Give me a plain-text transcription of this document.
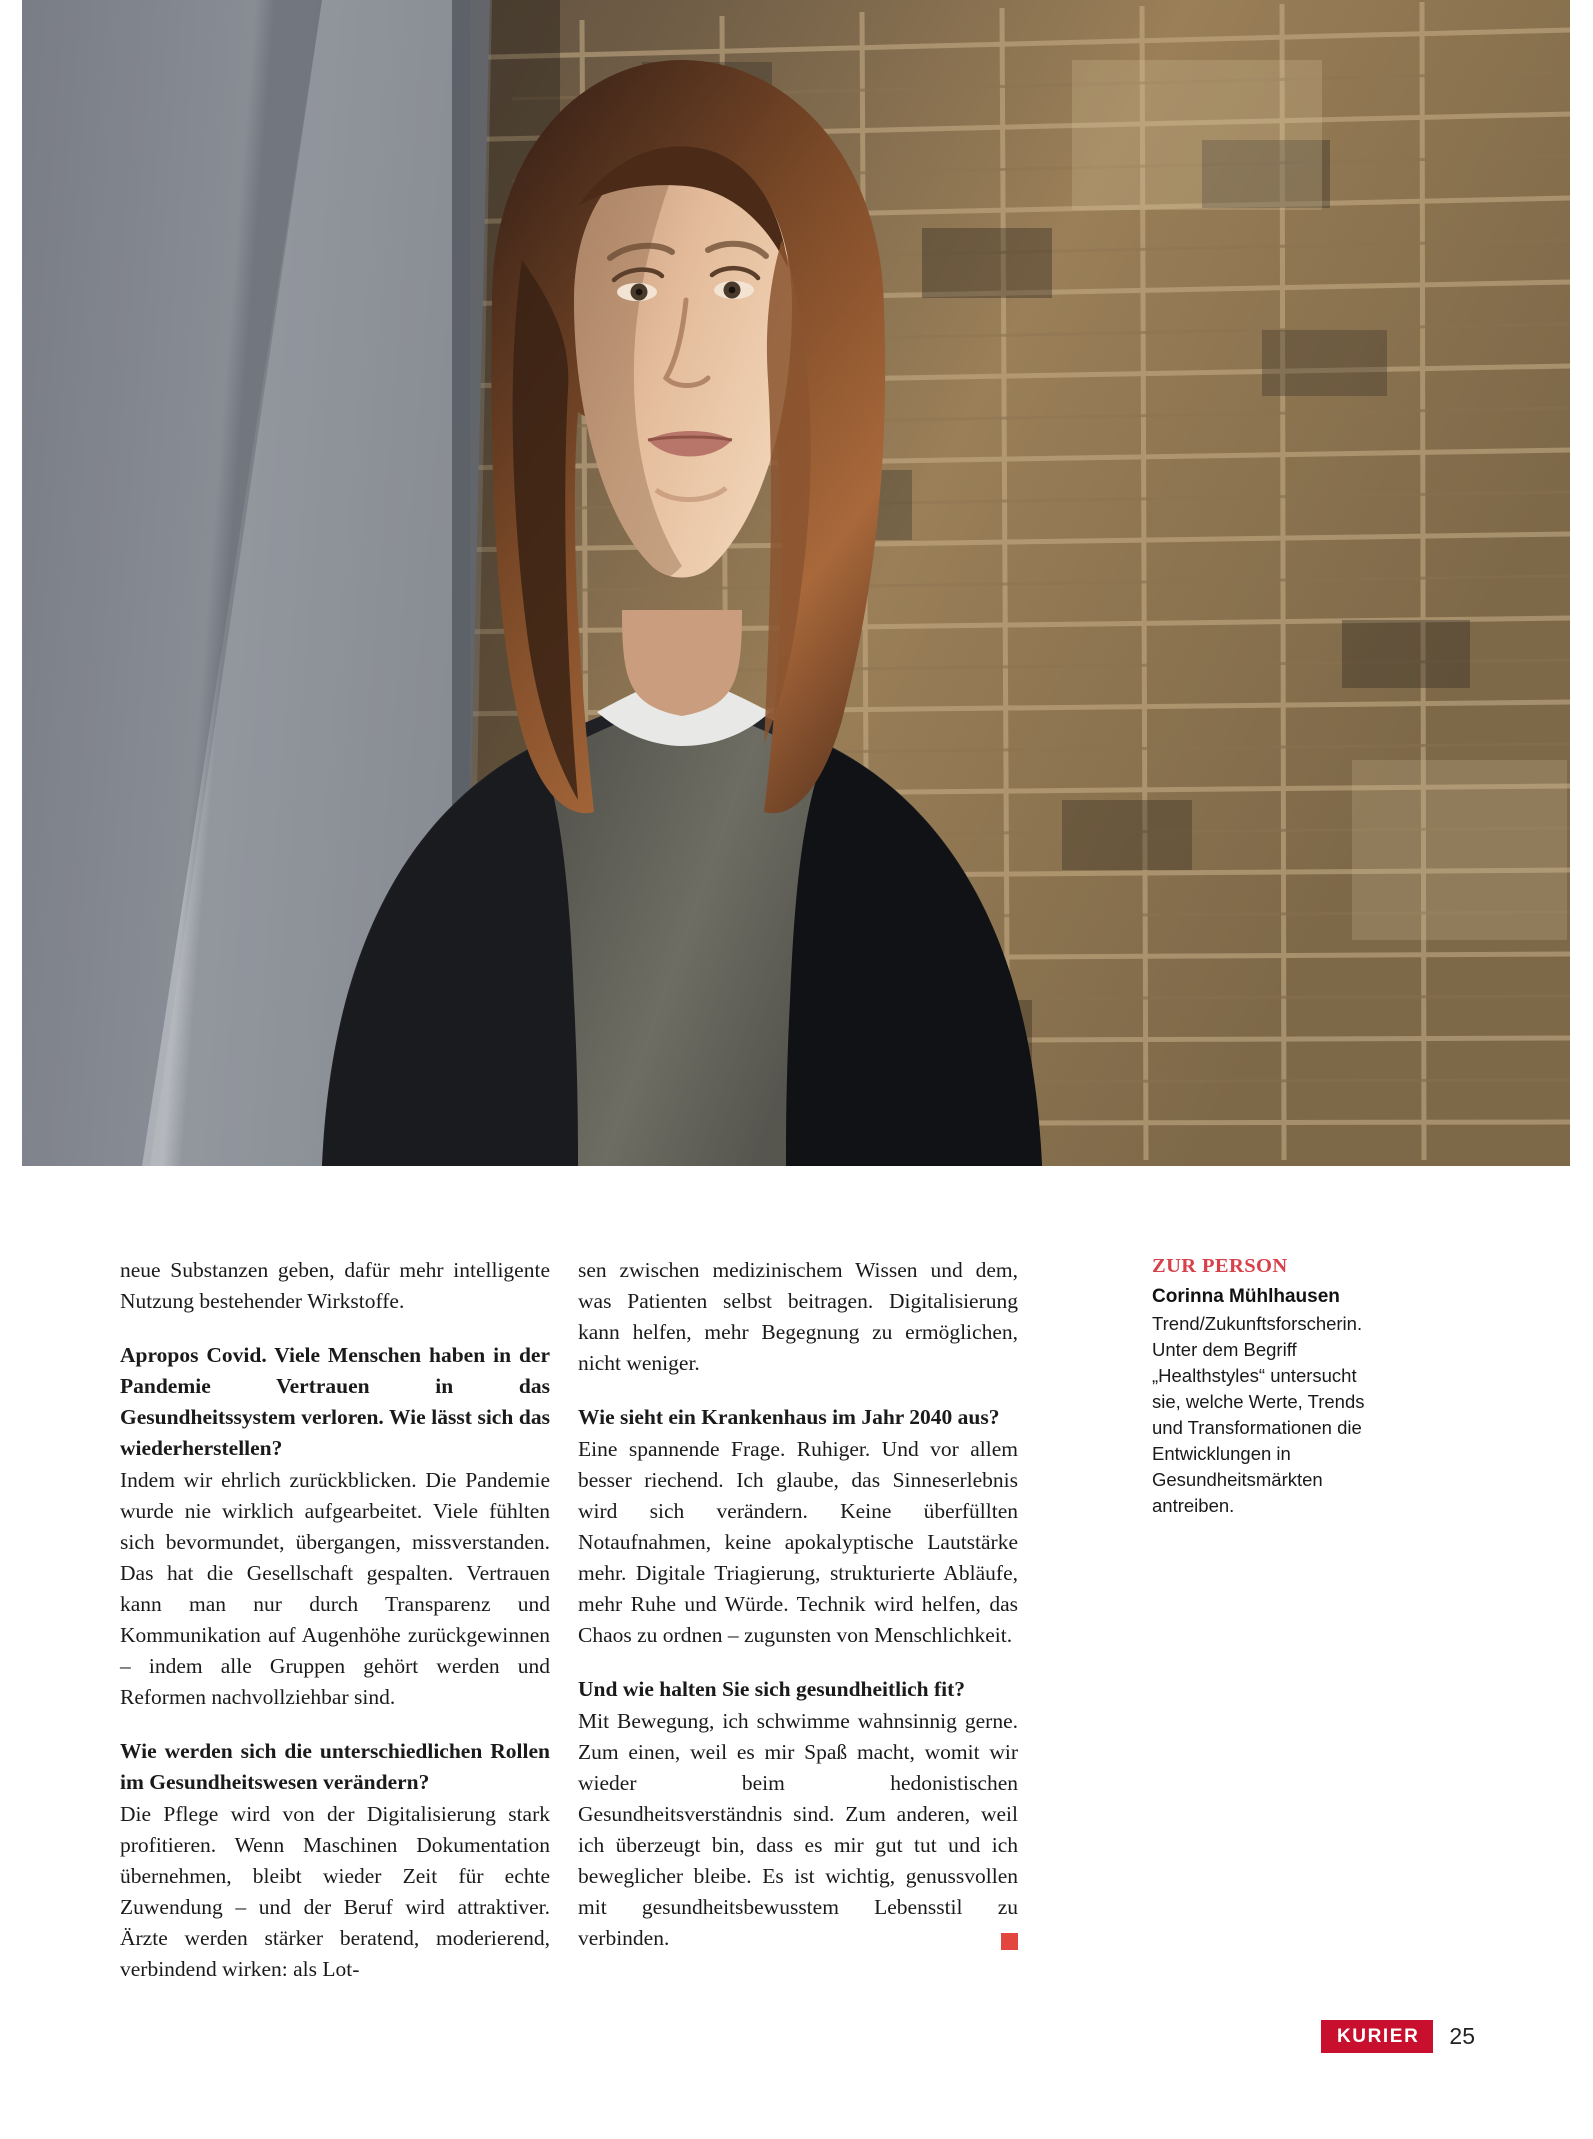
neue Substanzen geben, dafür mehr intelligente Nutzung bestehender Wirkstoffe.

Apropos Covid. Viele Menschen haben in der Pandemie Vertrauen in das Gesundheitssystem verloren. Wie lässt sich das wiederherstellen?

Indem wir ehrlich zurückblicken. Die Pandemie wurde nie wirklich aufgearbeitet. Viele fühlten sich bevormundet, übergangen, missverstanden. Das hat die Gesellschaft gespalten. Vertrauen kann man nur durch Transparenz und Kommunikation auf Augenhöhe zurückgewinnen – indem alle Gruppen gehört werden und Reformen nachvollziehbar sind.

Wie werden sich die unterschiedlichen Rollen im Gesundheitswesen verändern?

Die Pflege wird von der Digitalisierung stark profitieren. Wenn Maschinen Dokumentation übernehmen, bleibt wieder Zeit für echte Zuwendung – und der Beruf wird attraktiver. Ärzte werden stärker beratend, moderierend, verbindend wirken: als Lot-

sen zwischen medizinischem Wissen und dem, was Patienten selbst beitragen. Digitalisierung kann helfen, mehr Begegnung zu ermöglichen, nicht weniger.

Wie sieht ein Krankenhaus im Jahr 2040 aus?

Eine spannende Frage. Ruhiger. Und vor allem besser riechend. Ich glaube, das Sinneserlebnis wird sich verändern. Keine überfüllten Notaufnahmen, keine apokalyptische Lautstärke mehr. Digitale Triagierung, strukturierte Abläufe, mehr Ruhe und Würde. Technik wird helfen, das Chaos zu ordnen – zugunsten von Menschlichkeit.

Und wie halten Sie sich gesundheitlich fit?

Mit Bewegung, ich schwimme wahnsinnig gerne. Zum einen, weil es mir Spaß macht, womit wir wieder beim hedonistischen Gesundheitsverständnis sind. Zum anderen, weil ich überzeugt bin, dass es mir gut tut und ich beweglicher bleibe. Es ist wichtig, genussvollen mit gesundheitsbewusstem Lebensstil zu verbinden.

ZUR PERSON
Corinna Mühlhausen
Trend/Zukunftsforscherin. Unter dem Begriff „Healthstyles“ untersucht sie, welche Werte, Trends und Transformationen die Entwicklungen in Gesundheitsmärkten antreiben.
KURIER	25
